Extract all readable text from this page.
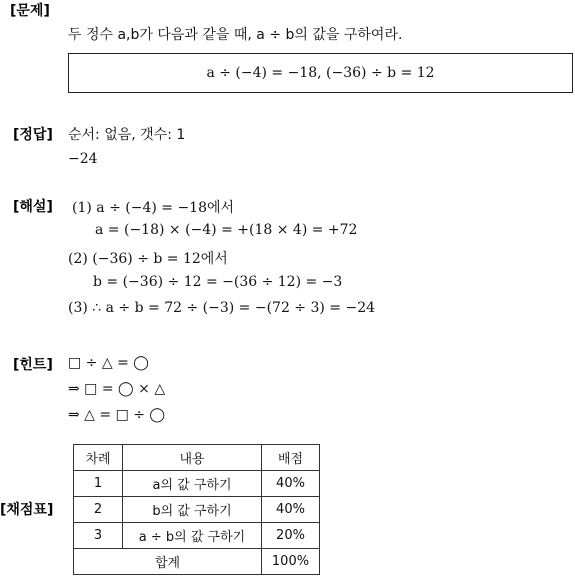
[문제]
두 정수 a,b가 다음과 같을 때, a ÷ b의 값을 구하여라.
a ÷ (−4) = −18, (−36) ÷ b = 12
[정답] 순서: 없음, 갯수: 1
−24
[해설] (1) a ÷ (−4) = −18에서
a = (−18) × (−4) = +(18 × 4) = +72
(2) (−36) ÷ b = 12에서
b = (−36) ÷ 12 = −(36 ÷ 12) = −3
(3) ∴ a ÷ b = 72 ÷ (−3) = −(72 ÷ 3) = −24
[힌트] □ ÷ △ = ◯
⇒ □ = ◯ × △
⇒ △ = □ ÷ ◯
[채점표]
차례	내용	배점
1	a의 값 구하기	40%
2	b의 값 구하기	40%
3	a ÷ b의 값 구하기	20%
합계		100%
